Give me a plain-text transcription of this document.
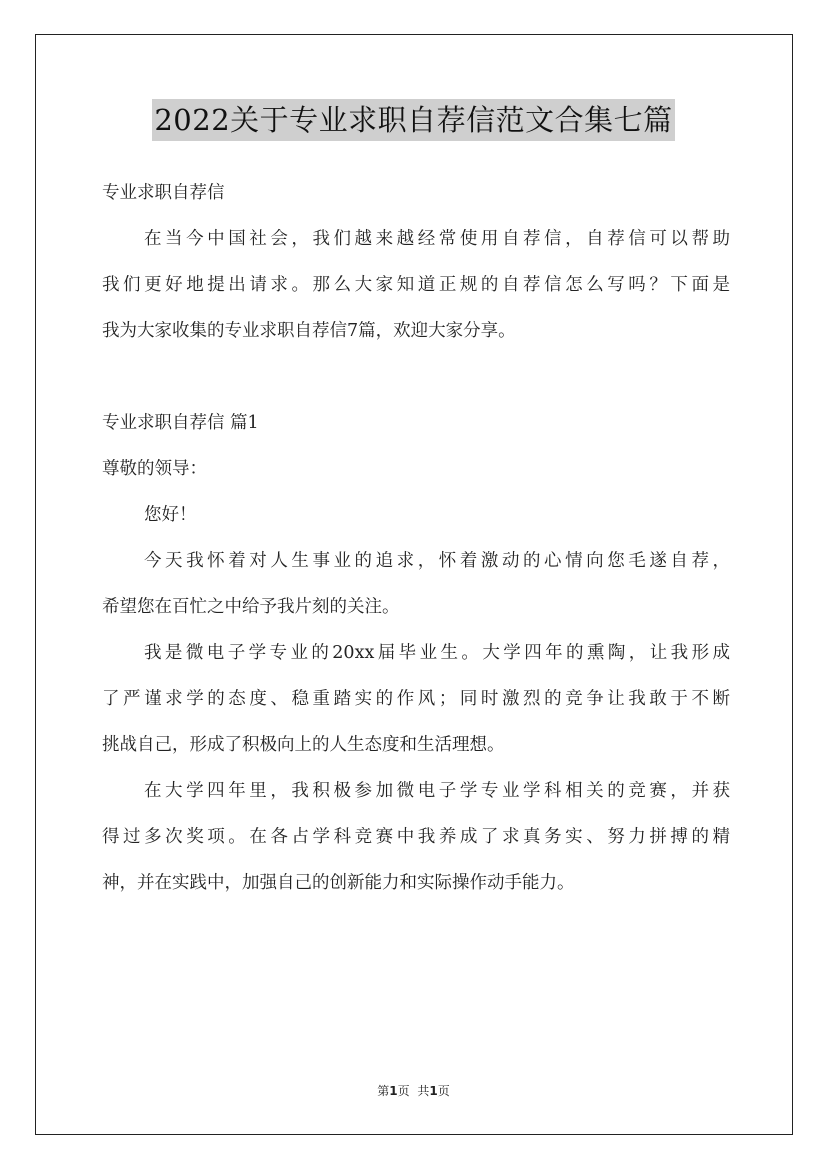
2022关于专业求职自荐信范文合集七篇
专业求职自荐信
在当今中国社会，我们越来越经常使用自荐信，自荐信可以帮助
我们更好地提出请求。那么大家知道正规的自荐信怎么写吗？下面是
我为大家收集的专业求职自荐信7篇，欢迎大家分享。
专业求职自荐信 篇1
尊敬的领导：
您好！
今天我怀着对人生事业的追求，怀着激动的心情向您毛遂自荐，
希望您在百忙之中给予我片刻的关注。
我是微电子学专业的20xx届毕业生。大学四年的熏陶，让我形成
了严谨求学的态度、稳重踏实的作风；同时激烈的竞争让我敢于不断
挑战自己，形成了积极向上的人生态度和生活理想。
在大学四年里，我积极参加微电子学专业学科相关的竞赛，并获
得过多次奖项。在各占学科竞赛中我养成了求真务实、努力拼搏的精
神，并在实践中，加强自己的创新能力和实际操作动手能力。
第1页 共1页
